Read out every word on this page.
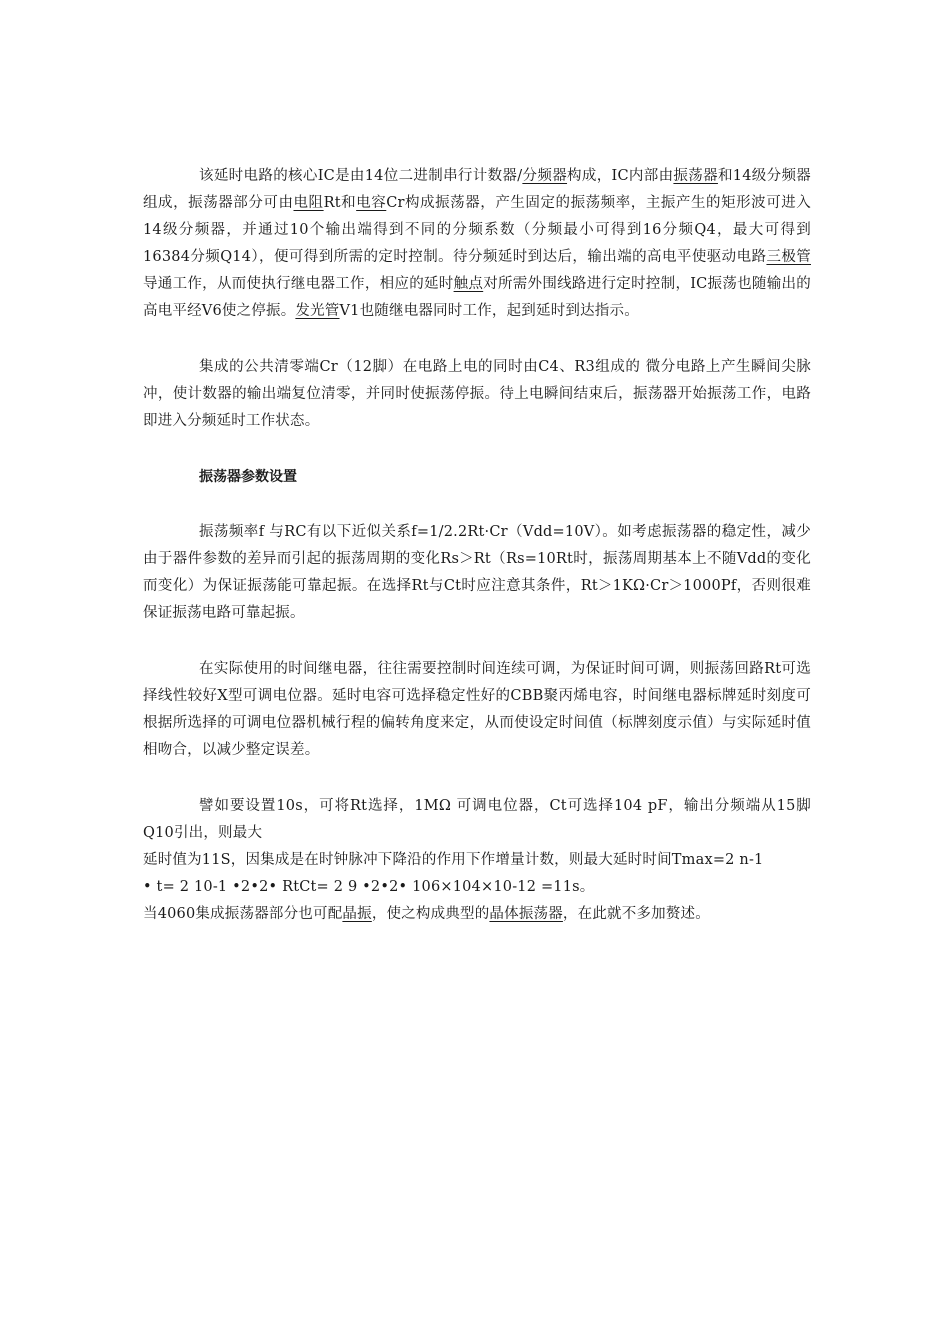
该延时电路的核心IC是由14位二进制串行计数器/分频器构成，IC内部由振荡器和14级分频器组成，振荡器部分可由电阻Rt和电容Cr构成振荡器，产生固定的振荡频率，主振产生的矩形波可进入14级分频器，并通过10个输出端得到不同的分频系数（分频最小可得到16分频Q4，最大可得到16384分频Q14），便可得到所需的定时控制。待分频延时到达后，输出端的高电平使驱动电路三极管导通工作，从而使执行继电器工作，相应的延时触点对所需外围线路进行定时控制，IC振荡也随输出的高电平经V6使之停振。发光管V1也随继电器同时工作，起到延时到达指示。

集成的公共清零端Cr（12脚）在电路上电的同时由C4、R3组成的 微分电路上产生瞬间尖脉冲，使计数器的输出端复位清零，并同时使振荡停振。待上电瞬间结束后，振荡器开始振荡工作，电路即进入分频延时工作状态。

振荡器参数设置

振荡频率f 与RC有以下近似关系f=1/2.2Rt·Cr（Vdd=10V）。如考虑振荡器的稳定性，减少由于器件参数的差异而引起的振荡周期的变化Rs＞Rt（Rs=10Rt时，振荡周期基本上不随Vdd的变化而变化）为保证振荡能可靠起振。在选择Rt与Ct时应注意其条件，Rt＞1KΩ·Cr＞1000Pf，否则很难保证振荡电路可靠起振。

在实际使用的时间继电器，往往需要控制时间连续可调，为保证时间可调，则振荡回路Rt可选择线性较好X型可调电位器。延时电容可选择稳定性好的CBB聚丙烯电容，时间继电器标牌延时刻度可根据所选择的可调电位器机械行程的偏转角度来定，从而使设定时间值（标牌刻度示值）与实际延时值相吻合，以减少整定误差。

譬如要设置10s，可将Rt选择，1MΩ 可调电位器，Ct可选择104 pF，输出分频端从15脚Q10引出，则最大

延时值为11S，因集成是在时钟脉冲下降沿的作用下作增量计数，则最大延时时间Tmax=2 n-1

• t= 2 10-1 •2•2• RtCt= 2 9 •2•2• 106×104×10-12 =11s。

当4060集成振荡器部分也可配晶振，使之构成典型的晶体振荡器，在此就不多加赘述。
